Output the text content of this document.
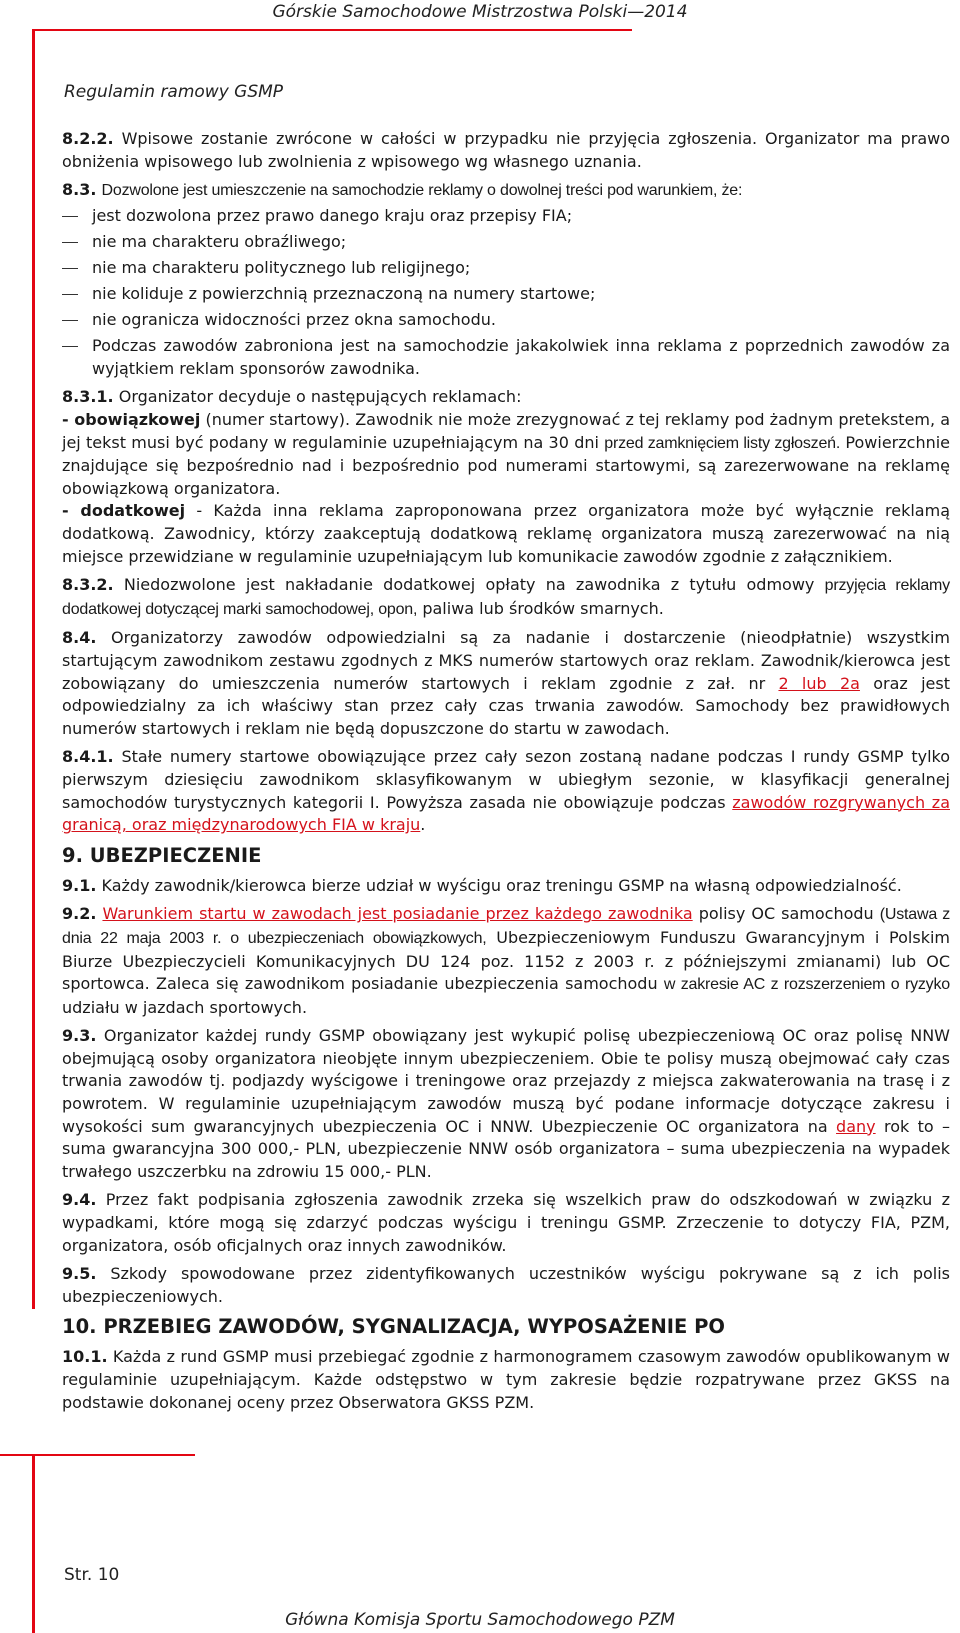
Górskie Samochodowe Mistrzostwa Polski—2014
Regulamin ramowy GSMP

8.2.2. Wpisowe zostanie zwrócone w całości w przypadku nie przyjęcia zgłoszenia. Organizator ma prawo obniżenia wpisowego lub zwolnienia z wpisowego wg własnego uznania.

8.3. Dozwolone jest umieszczenie na samochodzie reklamy o dowolnej treści pod warunkiem, że:

jest dozwolona przez prawo danego kraju oraz przepisy FIA;
nie ma charakteru obraźliwego;
nie ma charakteru politycznego lub religijnego;
nie koliduje z powierzchnią przeznaczoną na numery startowe;
nie ogranicza widoczności przez okna samochodu.
Podczas zawodów zabroniona jest na samochodzie jakakolwiek inna reklama z poprzednich zawodów za wyjątkiem reklam sponsorów zawodnika.

8.3.1. Organizator decyduje o następujących reklamach:

- obowiązkowej (numer startowy). Zawodnik nie może zrezygnować z tej reklamy pod żadnym pretekstem, a jej tekst musi być podany w regulaminie uzupełniającym na 30 dni przed zamknięciem listy zgłoszeń. Powierzchnie znajdujące się bezpośrednio nad i bezpośrednio pod numerami startowymi, są zarezerwowane na reklamę obowiązkową organizatora.

- dodatkowej - Każda inna reklama zaproponowana przez organizatora może być wyłącznie reklamą dodatkową. Zawodnicy, którzy zaakceptują dodatkową reklamę organizatora muszą zarezerwować na nią miejsce przewidziane w regulaminie uzupełniającym lub komunikacie zawodów zgodnie z załącznikiem.

8.3.2. Niedozwolone jest nakładanie dodatkowej opłaty na zawodnika z tytułu odmowy przyjęcia reklamy dodatkowej dotyczącej marki samochodowej, opon, paliwa lub środków smarnych.

8.4. Organizatorzy zawodów odpowiedzialni są za nadanie i dostarczenie (nieodpłatnie) wszystkim startującym zawodnikom zestawu zgodnych z MKS numerów startowych oraz reklam. Zawodnik/kierowca jest zobowiązany do umieszczenia numerów startowych i reklam zgodnie z zał. nr 2 lub 2a oraz jest odpowiedzialny za ich właściwy stan przez cały czas trwania zawodów. Samochody bez prawidłowych numerów startowych i reklam nie będą dopuszczone do startu w zawodach.

8.4.1. Stałe numery startowe obowiązujące przez cały sezon zostaną nadane podczas I rundy GSMP tylko pierwszym dziesięciu zawodnikom sklasyfikowanym w ubiegłym sezonie, w klasyfikacji generalnej samochodów turystycznych kategorii I. Powyższa zasada nie obowiązuje podczas zawodów rozgrywanych za granicą, oraz międzynarodowych FIA w kraju.

9. UBEZPIECZENIE

9.1. Każdy zawodnik/kierowca bierze udział w wyścigu oraz treningu GSMP na własną odpowiedzialność.

9.2. Warunkiem startu w zawodach jest posiadanie przez każdego zawodnika polisy OC samochodu (Ustawa z dnia 22 maja 2003 r. o ubezpieczeniach obowiązkowych, Ubezpieczeniowym Funduszu Gwarancyjnym i Polskim Biurze Ubezpieczycieli Komunikacyjnych DU 124 poz. 1152 z 2003 r. z późniejszymi zmianami) lub OC sportowca. Zaleca się zawodnikom posiadanie ubezpieczenia samochodu w zakresie AC z rozszerzeniem o ryzyko udziału w jazdach sportowych.

9.3. Organizator każdej rundy GSMP obowiązany jest wykupić polisę ubezpieczeniową OC oraz polisę NNW obejmującą osoby organizatora nieobjęte innym ubezpieczeniem. Obie te polisy muszą obejmować cały czas trwania zawodów tj. podjazdy wyścigowe i treningowe oraz przejazdy z miejsca zakwaterowania na trasę i z powrotem. W regulaminie uzupełniającym zawodów muszą być podane informacje dotyczące zakresu i wysokości sum gwarancyjnych ubezpieczenia OC i NNW. Ubezpieczenie OC organizatora na dany rok to – suma gwarancyjna 300 000,- PLN, ubezpieczenie NNW osób organizatora – suma ubezpieczenia na wypadek trwałego uszczerbku na zdrowiu 15 000,- PLN.

9.4. Przez fakt podpisania zgłoszenia zawodnik zrzeka się wszelkich praw do odszkodowań w związku z wypadkami, które mogą się zdarzyć podczas wyścigu i treningu GSMP. Zrzeczenie to dotyczy FIA, PZM, organizatora, osób oficjalnych oraz innych zawodników.

9.5. Szkody spowodowane przez zidentyfikowanych uczestników wyścigu pokrywane są z ich polis ubezpieczeniowych.

10. PRZEBIEG ZAWODÓW, SYGNALIZACJA, WYPOSAŻENIE PO

10.1. Każda z rund GSMP musi przebiegać zgodnie z harmonogramem czasowym zawodów opublikowanym w regulaminie uzupełniającym. Każde odstępstwo w tym zakresie będzie rozpatrywane przez GKSS na podstawie dokonanej oceny przez Obserwatora GKSS PZM.

Str. 10
Główna Komisja Sportu Samochodowego PZM
